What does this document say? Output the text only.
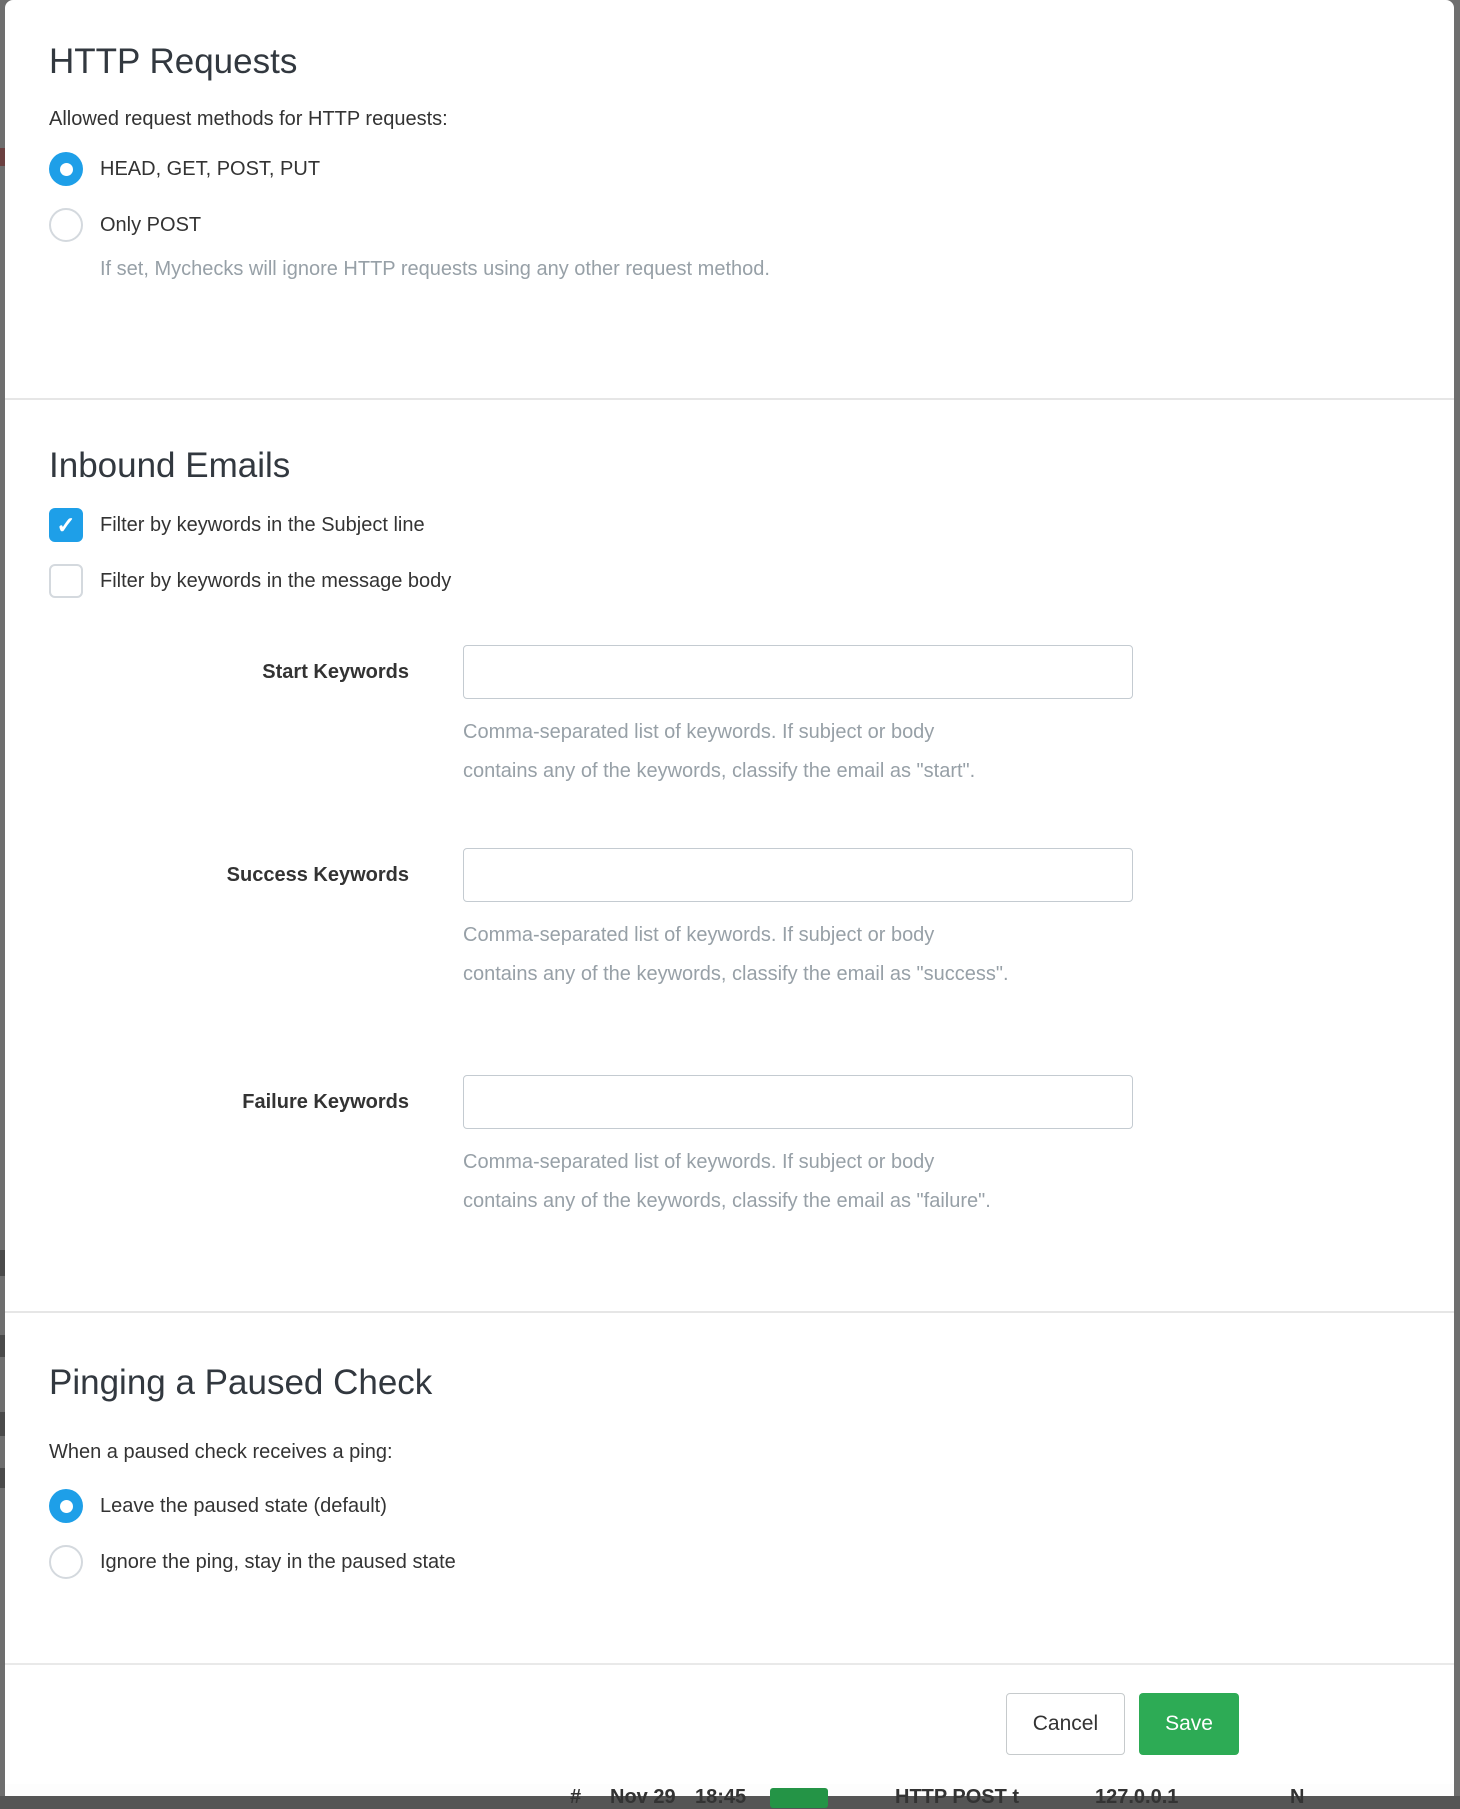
# Nov 29 18:45	HTTP POST t	127.0.0.1	N
HTTP Requests
Allowed request methods for HTTP requests:
HEAD, GET, POST, PUT
Only POST
If set, Mychecks will ignore HTTP requests using any other request method.
Inbound Emails
✓ Filter by keywords in the Subject line
Filter by keywords in the message body
Start Keywords
Comma-separated list of keywords. If subject or body
contains any of the keywords, classify the email as "start".
Success Keywords
Comma-separated list of keywords. If subject or body
contains any of the keywords, classify the email as "success".
Failure Keywords
Comma-separated list of keywords. If subject or body
contains any of the keywords, classify the email as "failure".
Pinging a Paused Check
When a paused check receives a ping:
Leave the paused state (default)
Ignore the ping, stay in the paused state
Cancel	Save
